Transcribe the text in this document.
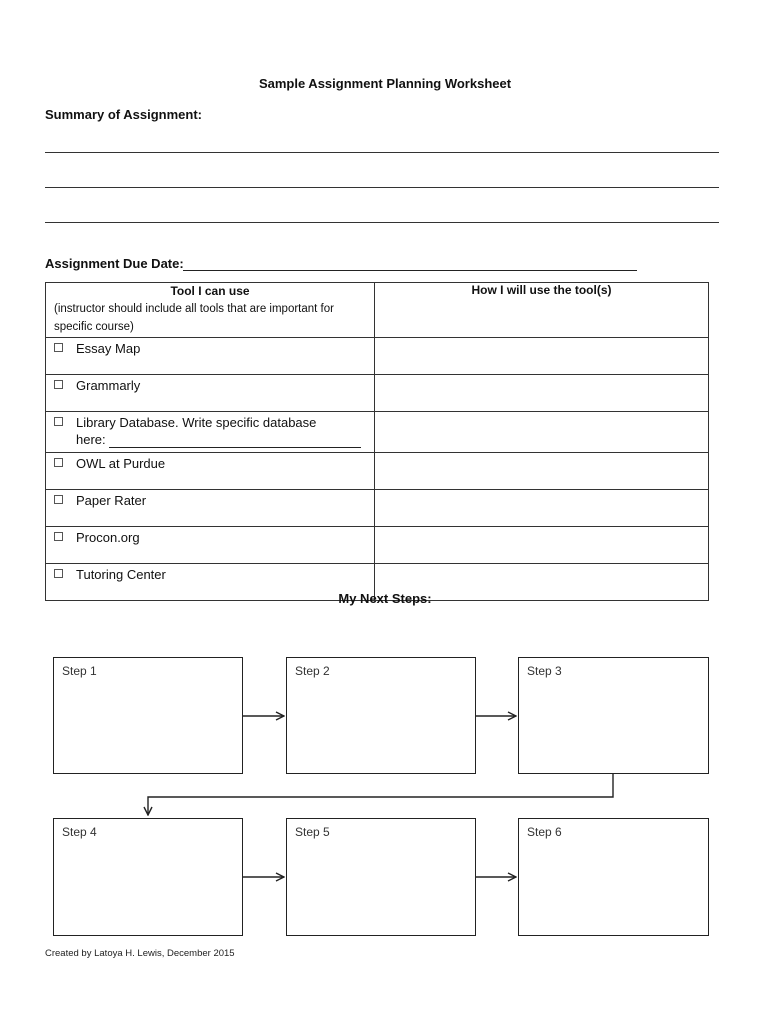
Sample Assignment Planning Worksheet
Summary of Assignment:
Assignment Due Date:
Tool I can use
(instructor should include all tools that are important for specific course)	How I will use the tool(s)

Essay Map	

Grammarly	

Library Database. Write specific database
here:	

OWL at Purdue	

Paper Rater	

Procon.org	

Tutoring Center	
My Next Steps:
Step 1	Step 2	Step 3
Step 4	Step 5	Step 6
Created by Latoya H. Lewis, December 2015
